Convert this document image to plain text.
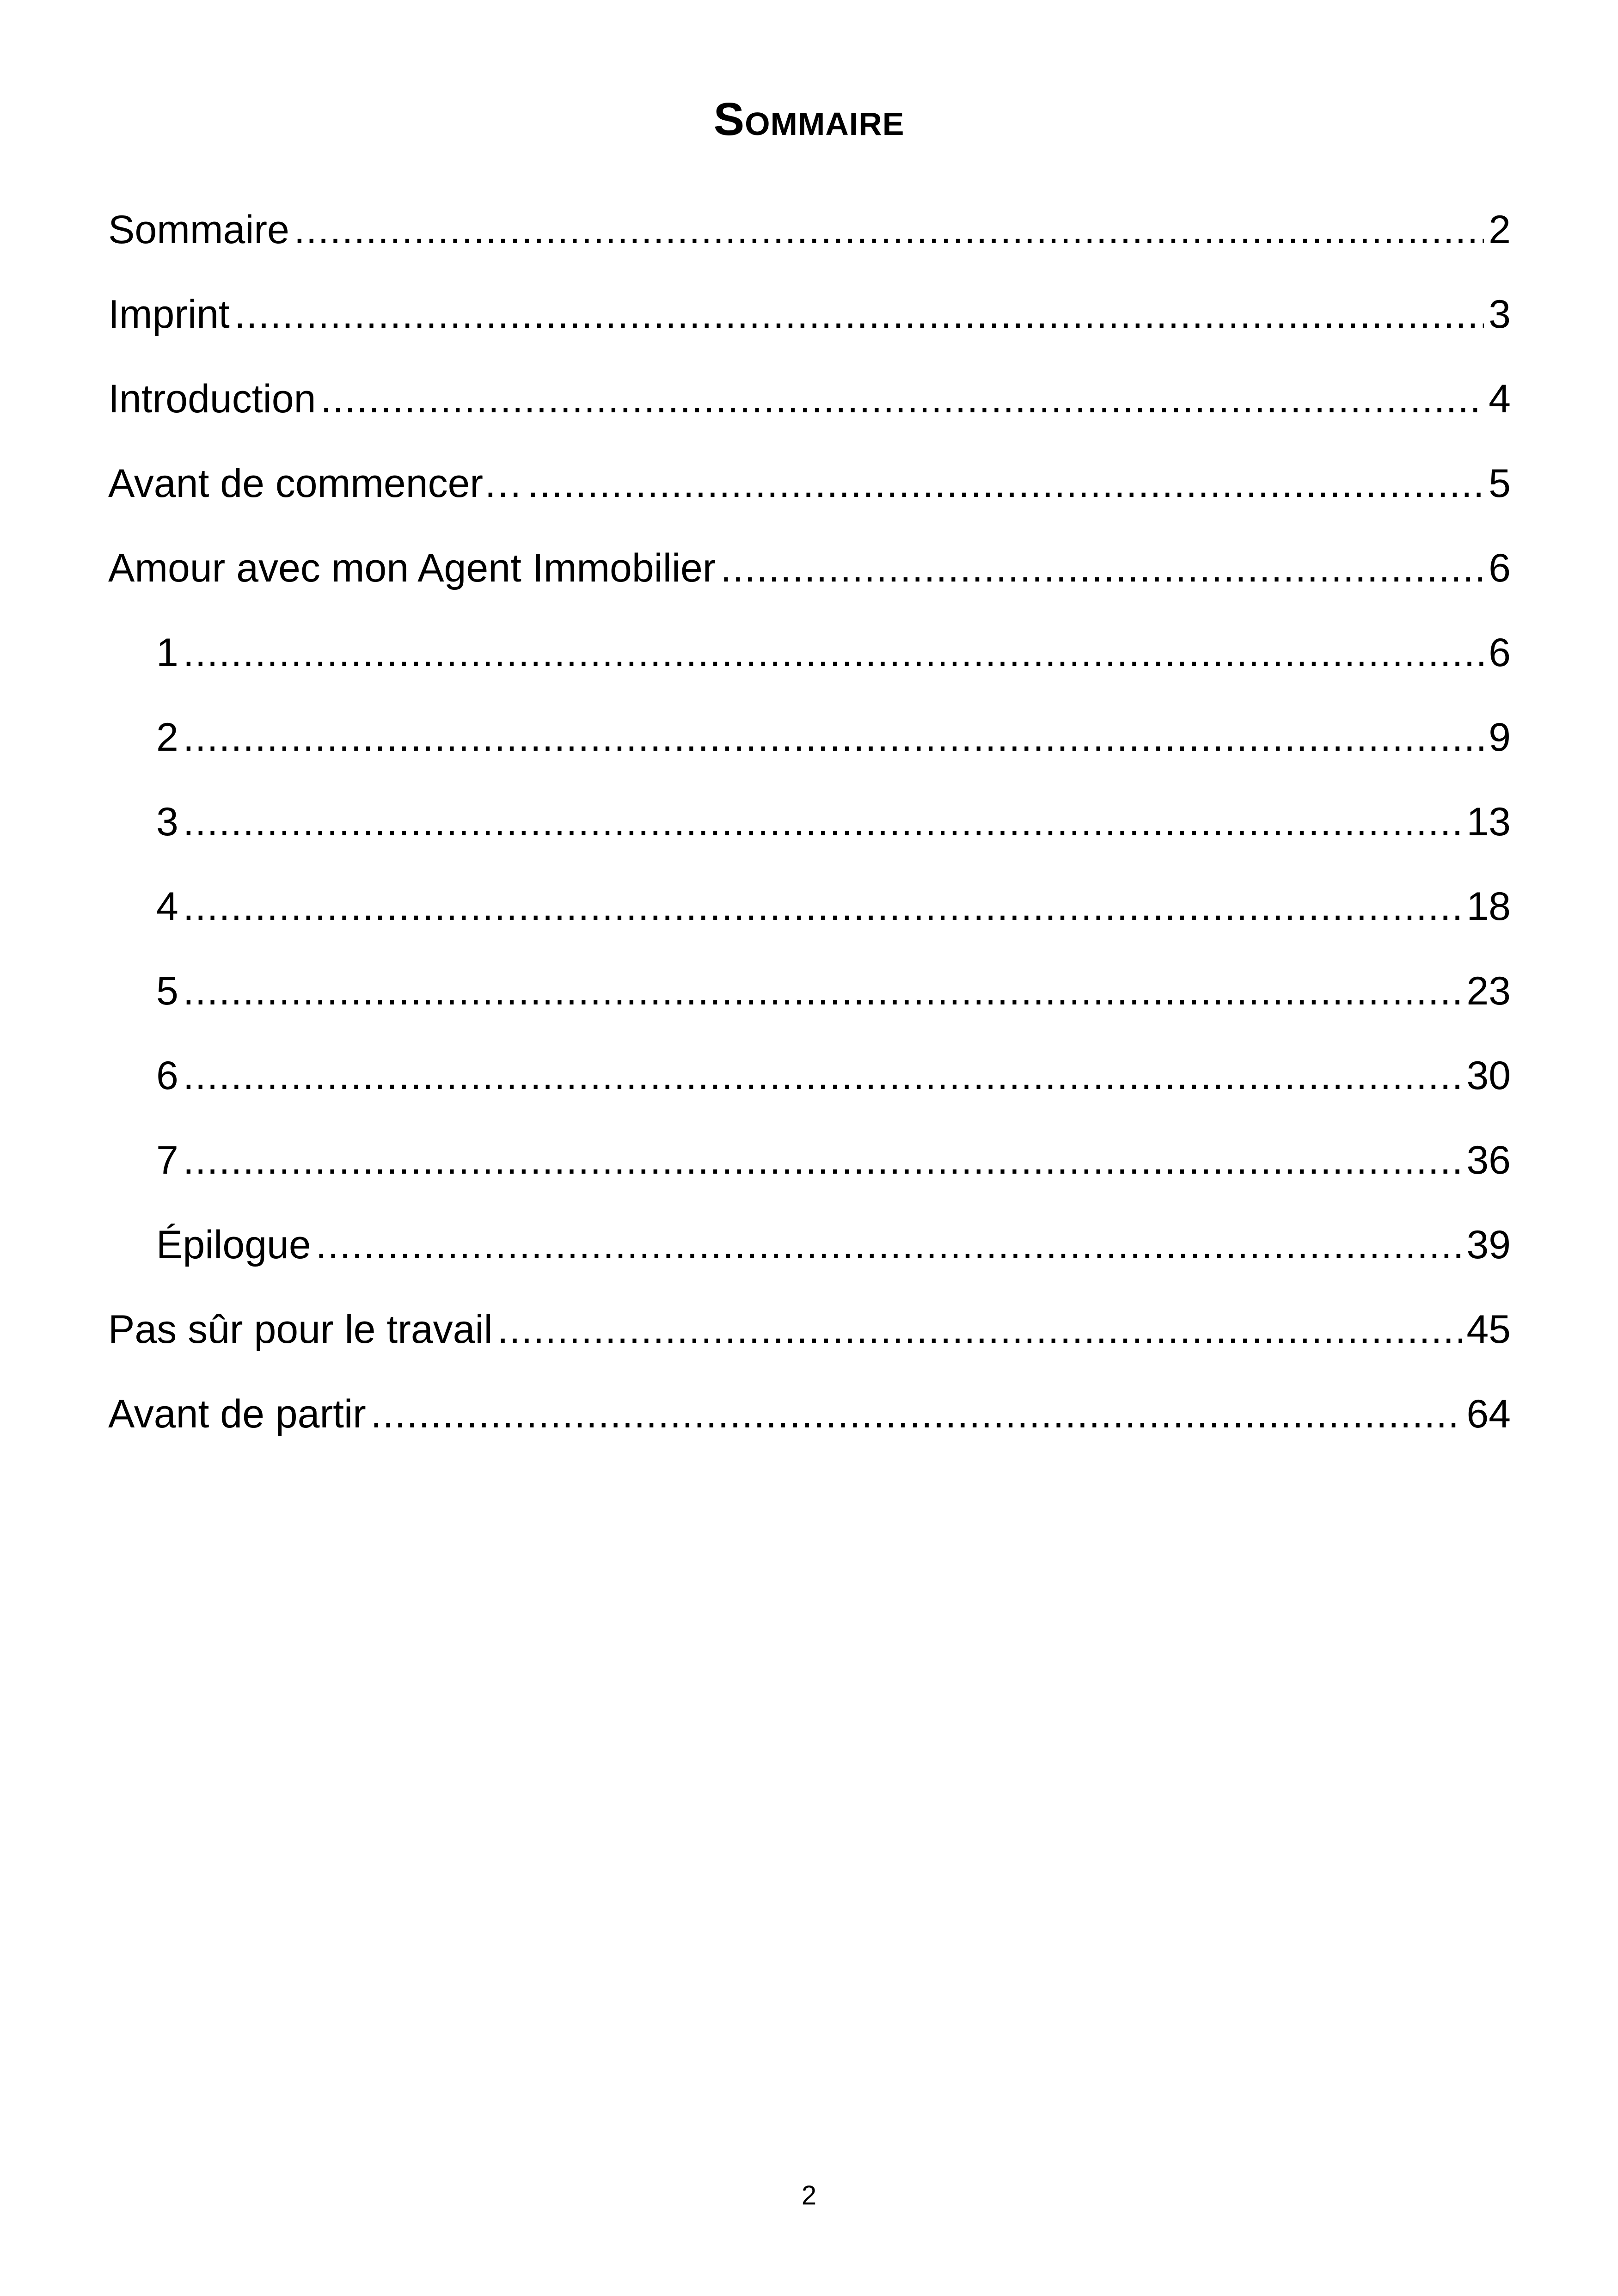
Sommaire
Sommaire .....	2
Imprint .....	3
Introduction .....	4
Avant de commencer… .....	5
Amour avec mon Agent Immobilier .....	6
1 .....	6
2 .....	9
3 .....	13
4 .....	18
5 .....	23
6 .....	30
7 .....	36
Épilogue .....	39
Pas sûr pour le travail .....	45
Avant de partir .....	64
2
